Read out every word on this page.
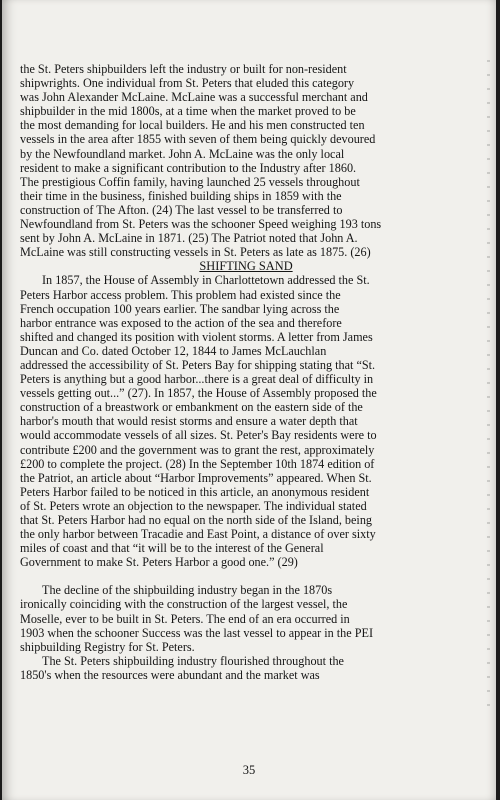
the St. Peters shipbuilders left the industry or built for non-resident
shipwrights. One individual from St. Peters that eluded this category
was John Alexander McLaine. McLaine was a successful merchant and
shipbuilder in the mid 1800s, at a time when the market proved to be
the most demanding for local builders. He and his men constructed ten
vessels in the area after 1855 with seven of them being quickly devoured
by the Newfoundland market. John A. McLaine was the only local
resident to make a significant contribution to the Industry after 1860.
The prestigious Coffin family, having launched 25 vessels throughout
their time in the business, finished building ships in 1859 with the
construction of The Afton. (24) The last vessel to be transferred to
Newfoundland from St. Peters was the schooner Speed weighing 193 tons
sent by John A. McLaine in 1871. (25) The Patriot noted that John A.
McLaine was still constructing vessels in St. Peters as late as 1875. (26)

SHIFTING SAND

In 1857, the House of Assembly in Charlottetown addressed the St.
Peters Harbor access problem. This problem had existed since the
French occupation 100 years earlier. The sandbar lying across the
harbor entrance was exposed to the action of the sea and therefore
shifted and changed its position with violent storms. A letter from James
Duncan and Co. dated October 12, 1844 to James McLauchlan
addressed the accessibility of St. Peters Bay for shipping stating that “St.
Peters is anything but a good harbor...there is a great deal of difficulty in
vessels getting out...” (27). In 1857, the House of Assembly proposed the
construction of a breastwork or embankment on the eastern side of the
harbor's mouth that would resist storms and ensure a water depth that
would accommodate vessels of all sizes. St. Peter's Bay residents were to
contribute £200 and the government was to grant the rest, approximately
£200 to complete the project. (28) In the September 10th 1874 edition of
the Patriot, an article about “Harbor Improvements” appeared. When St.
Peters Harbor failed to be noticed in this article, an anonymous resident
of St. Peters wrote an objection to the newspaper. The individual stated
that St. Peters Harbor had no equal on the north side of the Island, being
the only harbor between Tracadie and East Point, a distance of over sixty
miles of coast and that “it will be to the interest of the General
Government to make St. Peters Harbor a good one.” (29)

The decline of the shipbuilding industry began in the 1870s
ironically coinciding with the construction of the largest vessel, the
Moselle, ever to be built in St. Peters. The end of an era occurred in
1903 when the schooner Success was the last vessel to appear in the PEI
shipbuilding Registry for St. Peters.

The St. Peters shipbuilding industry flourished throughout the
1850's when the resources were abundant and the market was

35
